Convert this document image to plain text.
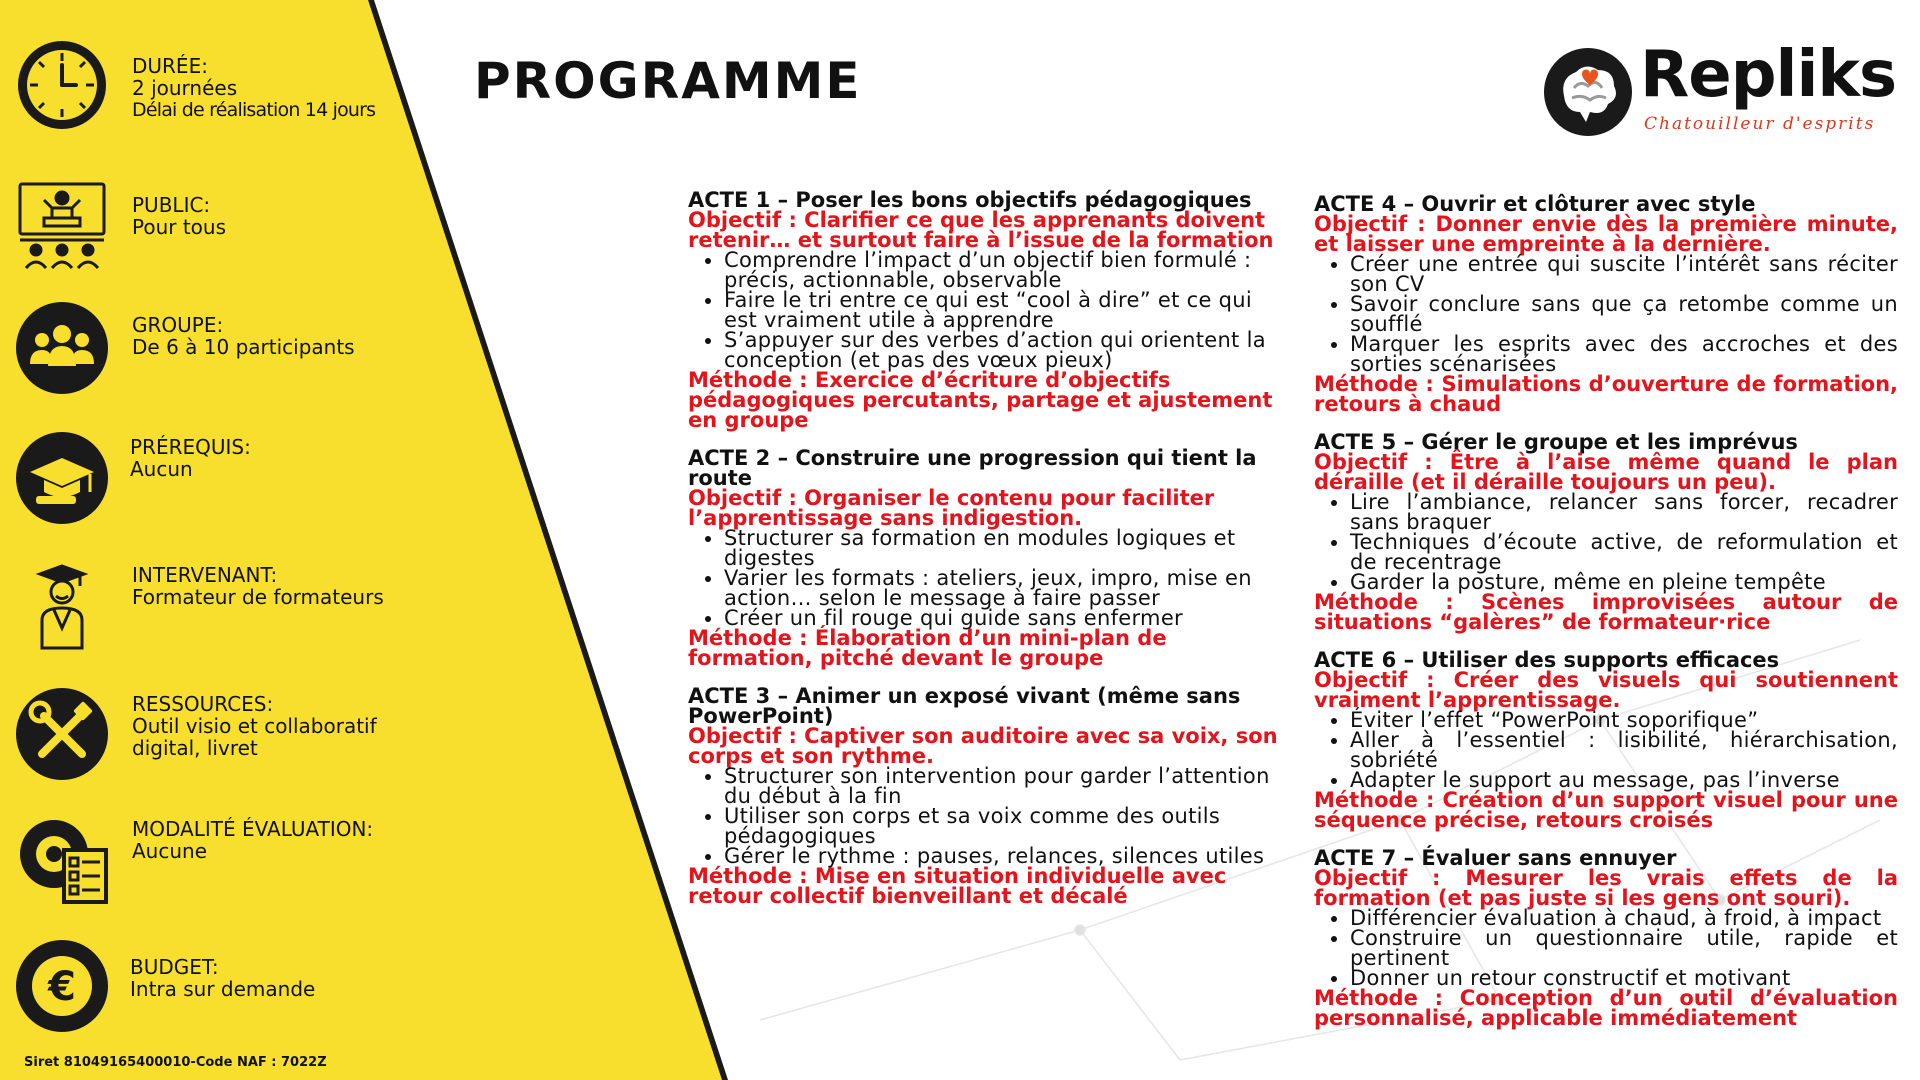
DURÉE:
2 journées
Délai de réalisation 14 jours
PUBLIC:
Pour tous
GROUPE:
De 6 à 10 participants
PRÉREQUIS:
Aucun
INTERVENANT:
Formateur de formateurs
RESSOURCES:
Outil visio et collaboratif
digital, livret
MODALITÉ ÉVALUATION:
Aucune
€	BUDGET:
Intra sur demande
Siret 81049165400010-Code NAF : 7022Z
PROGRAMME	Repliks
Chatouilleur d'esprits
ACTE 1 – Poser les bons objectifs pédagogiques

Objectif : Clarifier ce que les apprenants doivent retenir… et surtout faire à l’issue de la formation

• Comprendre l’impact d’un objectif bien formulé : précis, actionnable, observable
• Faire le tri entre ce qui est “cool à dire” et ce qui est vraiment utile à apprendre
• S’appuyer sur des verbes d’action qui orientent la conception (et pas des vœux pieux)

Méthode : Exercice d’écriture d’objectifs pédagogiques percutants, partage et ajustement en groupe

ACTE 2 – Construire une progression qui tient la route

Objectif : Organiser le contenu pour faciliter l’apprentissage sans indigestion.

• Structurer sa formation en modules logiques et digestes
• Varier les formats : ateliers, jeux, impro, mise en action… selon le message à faire passer
• Créer un fil rouge qui guide sans enfermer

Méthode : Élaboration d’un mini-plan de formation, pitché devant le groupe

ACTE 3 – Animer un exposé vivant (même sans PowerPoint)

Objectif : Captiver son auditoire avec sa voix, son corps et son rythme.

• Structurer son intervention pour garder l’attention du début à la fin
• Utiliser son corps et sa voix comme des outils pédagogiques
• Gérer le rythme : pauses, relances, silences utiles

Méthode : Mise en situation individuelle avec retour collectif bienveillant et décalé

ACTE 4 – Ouvrir et clôturer avec style

Objectif : Donner envie dès la première minute, et laisser une empreinte à la dernière.

• Créer une entrée qui suscite l’intérêt sans réciter son CV
• Savoir conclure sans que ça retombe comme un soufflé
• Marquer les esprits avec des accroches et des sorties scénarisées

Méthode : Simulations d’ouverture de formation, retours à chaud

ACTE 5 – Gérer le groupe et les imprévus

Objectif : Être à l’aise même quand le plan déraille (et il déraille toujours un peu).

• Lire l’ambiance, relancer sans forcer, recadrer sans braquer
• Techniques d’écoute active, de reformulation et de recentrage
• Garder la posture, même en pleine tempête

Méthode : Scènes improvisées autour de situations “galères” de formateur·rice

ACTE 6 – Utiliser des supports efficaces

Objectif : Créer des visuels qui soutiennent vraiment l’apprentissage.

• Éviter l’effet “PowerPoint soporifique”
• Aller à l’essentiel : lisibilité, hiérarchisation, sobriété
• Adapter le support au message, pas l’inverse

Méthode : Création d’un support visuel pour une séquence précise, retours croisés

ACTE 7 – Évaluer sans ennuyer

Objectif : Mesurer les vrais effets de la formation (et pas juste si les gens ont souri).

• Différencier évaluation à chaud, à froid, à impact
• Construire un questionnaire utile, rapide et pertinent
• Donner un retour constructif et motivant

Méthode : Conception d’un outil d’évaluation personnalisé, applicable immédiatement
